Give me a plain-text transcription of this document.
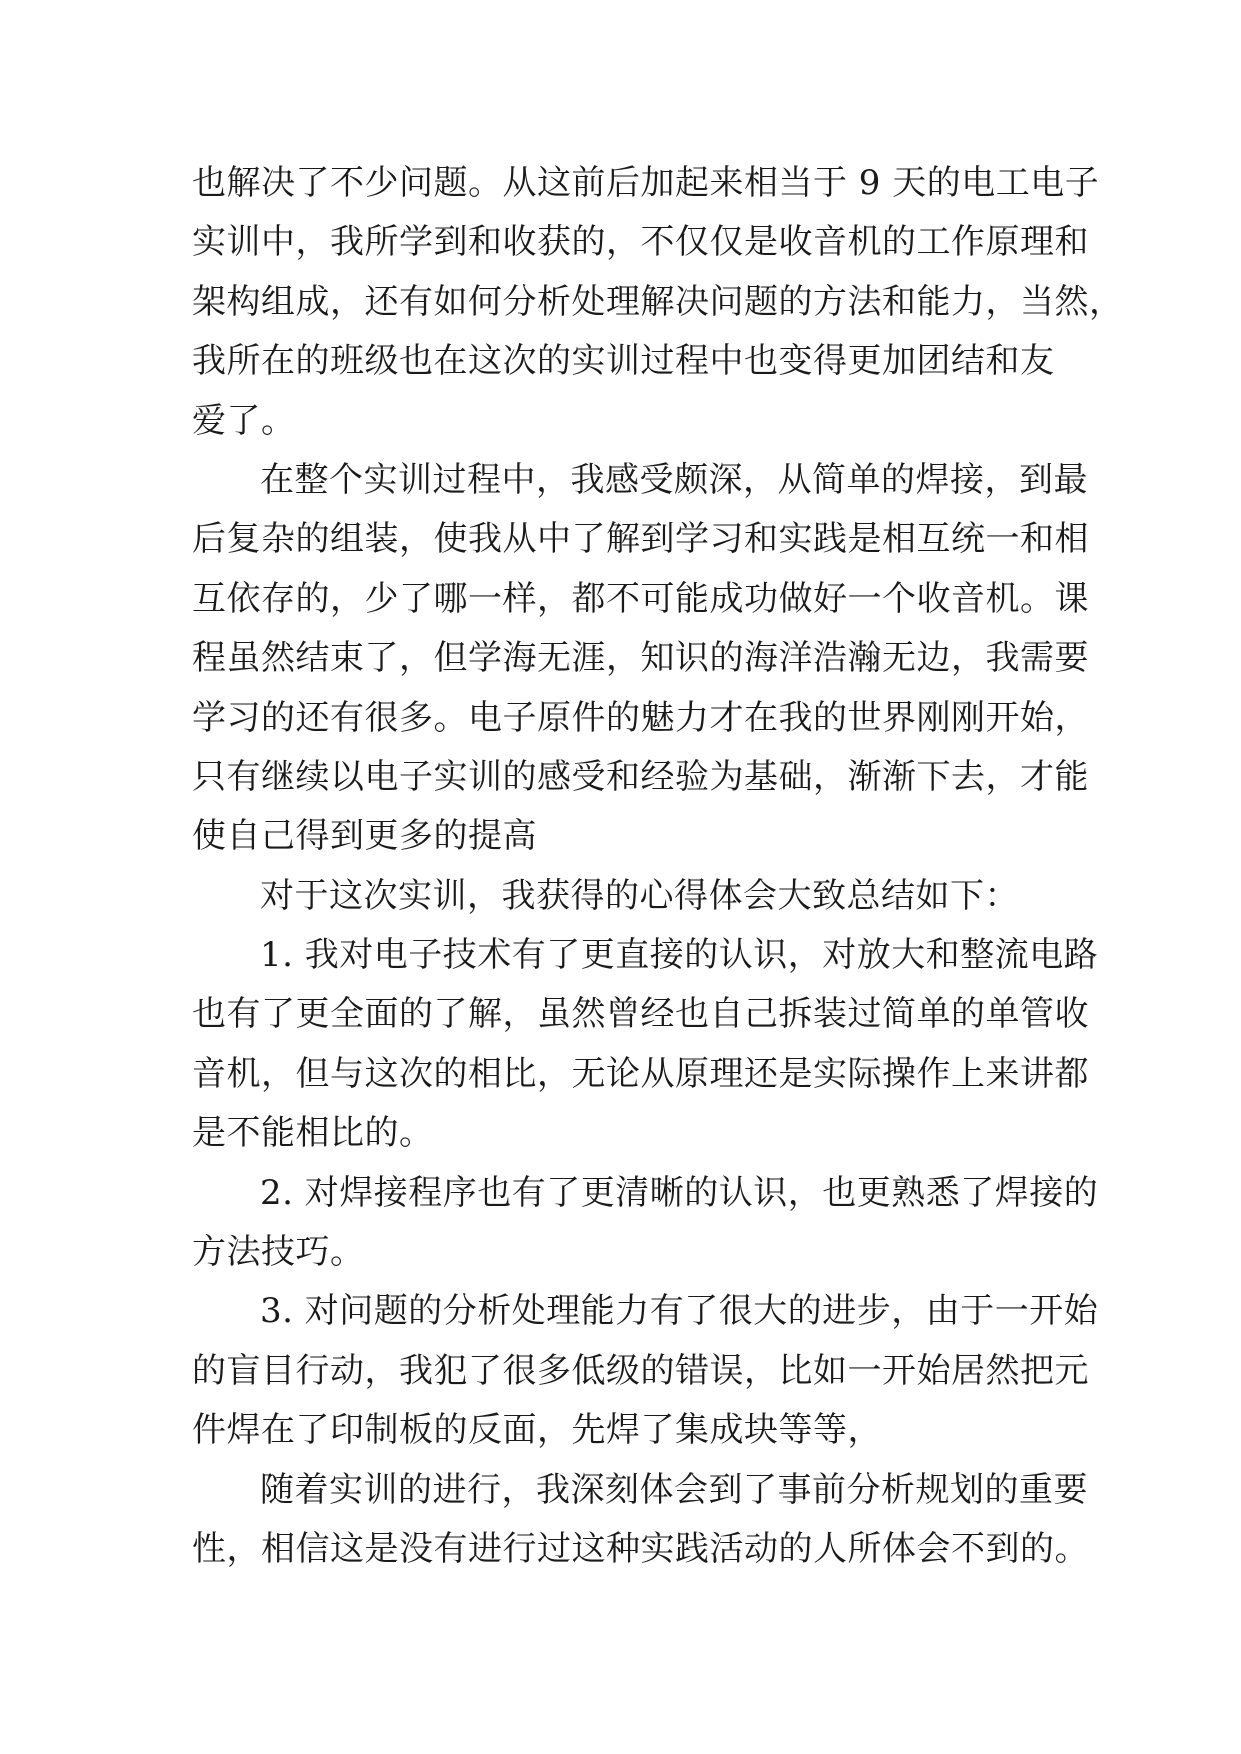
也解决了不少问题。从这前后加起来相当于 9 天的电工电子
实训中，我所学到和收获的，不仅仅是收音机的工作原理和
架构组成，还有如何分析处理解决问题的方法和能力，当然，
我所在的班级也在这次的实训过程中也变得更加团结和友
爱了。
在整个实训过程中，我感受颇深，从简单的焊接，到最
后复杂的组装，使我从中了解到学习和实践是相互统一和相
互依存的，少了哪一样，都不可能成功做好一个收音机。课
程虽然结束了，但学海无涯，知识的海洋浩瀚无边，我需要
学习的还有很多。电子原件的魅力才在我的世界刚刚开始，
只有继续以电子实训的感受和经验为基础，渐渐下去，才能
使自己得到更多的提高
对于这次实训，我获得的心得体会大致总结如下：
1. 我对电子技术有了更直接的认识，对放大和整流电路
也有了更全面的了解，虽然曾经也自己拆装过简单的单管收
音机，但与这次的相比，无论从原理还是实际操作上来讲都
是不能相比的。
2. 对焊接程序也有了更清晰的认识，也更熟悉了焊接的
方法技巧。
3. 对问题的分析处理能力有了很大的进步，由于一开始
的盲目行动，我犯了很多低级的错误，比如一开始居然把元
件焊在了印制板的反面，先焊了集成块等等，
随着实训的进行，我深刻体会到了事前分析规划的重要
性，相信这是没有进行过这种实践活动的人所体会不到的。
